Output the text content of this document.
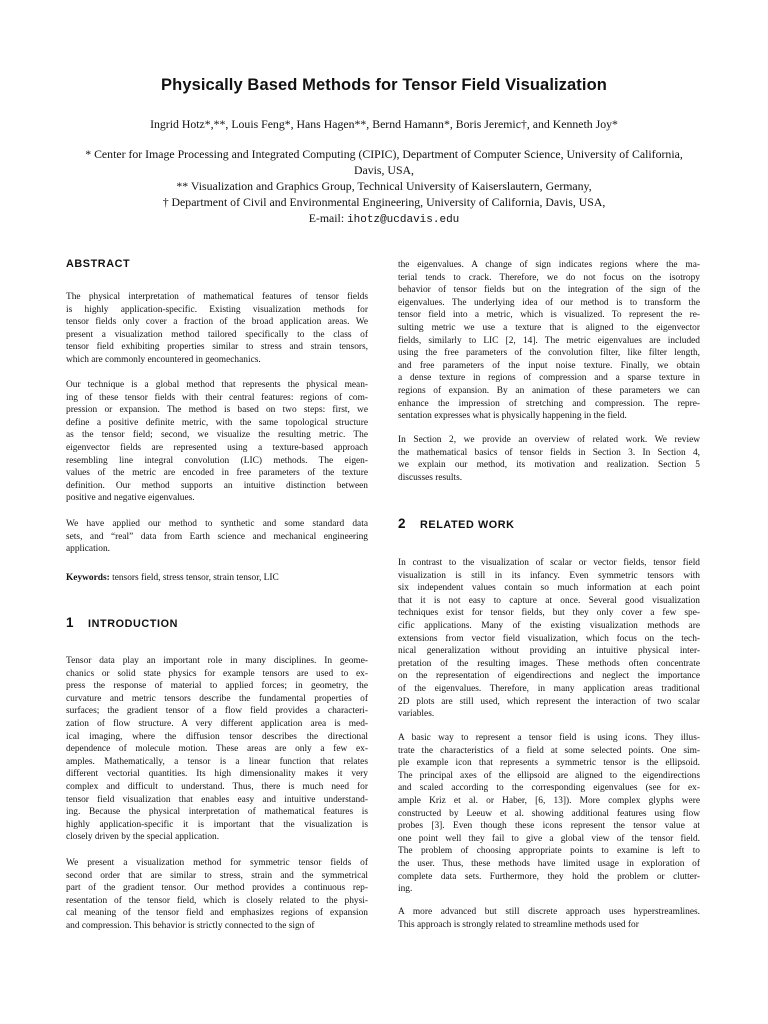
Physically Based Methods for Tensor Field Visualization
Ingrid Hotz*,**, Louis Feng*, Hans Hagen**, Bernd Hamann*, Boris Jeremic†, and Kenneth Joy*
* Center for Image Processing and Integrated Computing (CIPIC), Department of Computer Science, University of California,
Davis, USA,
** Visualization and Graphics Group, Technical University of Kaiserslautern, Germany,
† Department of Civil and Environmental Engineering, University of California, Davis, USA,
E-mail: ihotz@ucdavis.edu
ABSTRACT
The physical interpretation of mathematical features of tensor fields
is highly application-specific. Existing visualization methods for
tensor fields only cover a fraction of the broad application areas. We
present a visualization method tailored specifically to the class of
tensor field exhibiting properties similar to stress and strain tensors,
which are commonly encountered in geomechanics.
Our technique is a global method that represents the physical mean-
ing of these tensor fields with their central features: regions of com-
pression or expansion. The method is based on two steps: first, we
define a positive definite metric, with the same topological structure
as the tensor field; second, we visualize the resulting metric. The
eigenvector fields are represented using a texture-based approach
resembling line integral convolution (LIC) methods. The eigen-
values of the metric are encoded in free parameters of the texture
definition. Our method supports an intuitive distinction between
positive and negative eigenvalues.
We have applied our method to synthetic and some standard data
sets, and “real” data from Earth science and mechanical engineering
application.
Keywords: tensors field, stress tensor, strain tensor, LIC
1 INTRODUCTION
Tensor data play an important role in many disciplines. In geome-
chanics or solid state physics for example tensors are used to ex-
press the response of material to applied forces; in geometry, the
curvature and metric tensors describe the fundamental properties of
surfaces; the gradient tensor of a flow field provides a characteri-
zation of flow structure. A very different application area is med-
ical imaging, where the diffusion tensor describes the directional
dependence of molecule motion. These areas are only a few ex-
amples. Mathematically, a tensor is a linear function that relates
different vectorial quantities. Its high dimensionality makes it very
complex and difficult to understand. Thus, there is much need for
tensor field visualization that enables easy and intuitive understand-
ing. Because the physical interpretation of mathematical features is
highly application-specific it is important that the visualization is
closely driven by the special application.
We present a visualization method for symmetric tensor fields of
second order that are similar to stress, strain and the symmetrical
part of the gradient tensor. Our method provides a continuous rep-
resentation of the tensor field, which is closely related to the physi-
cal meaning of the tensor field and emphasizes regions of expansion
and compression. This behavior is strictly connected to the sign of
the eigenvalues. A change of sign indicates regions where the ma-
terial tends to crack. Therefore, we do not focus on the isotropy
behavior of tensor fields but on the integration of the sign of the
eigenvalues. The underlying idea of our method is to transform the
tensor field into a metric, which is visualized. To represent the re-
sulting metric we use a texture that is aligned to the eigenvector
fields, similarly to LIC [2, 14]. The metric eigenvalues are included
using the free parameters of the convolution filter, like filter length,
and free parameters of the input noise texture. Finally, we obtain
a dense texture in regions of compression and a sparse texture in
regions of expansion. By an animation of these parameters we can
enhance the impression of stretching and compression. The repre-
sentation expresses what is physically happening in the field.
In Section 2, we provide an overview of related work. We review
the mathematical basics of tensor fields in Section 3. In Section 4,
we explain our method, its motivation and realization. Section 5
discusses results.
2 RELATED WORK
In contrast to the visualization of scalar or vector fields, tensor field
visualization is still in its infancy. Even symmetric tensors with
six independent values contain so much information at each point
that it is not easy to capture at once. Several good visualization
techniques exist for tensor fields, but they only cover a few spe-
cific applications. Many of the existing visualization methods are
extensions from vector field visualization, which focus on the tech-
nical generalization without providing an intuitive physical inter-
pretation of the resulting images. These methods often concentrate
on the representation of eigendirections and neglect the importance
of the eigenvalues. Therefore, in many application areas traditional
2D plots are still used, which represent the interaction of two scalar
variables.
A basic way to represent a tensor field is using icons. They illus-
trate the characteristics of a field at some selected points. One sim-
ple example icon that represents a symmetric tensor is the ellipsoid.
The principal axes of the ellipsoid are aligned to the eigendirections
and scaled according to the corresponding eigenvalues (see for ex-
ample Kriz et al. or Haber, [6, 13]). More complex glyphs were
constructed by Leeuw et al. showing additional features using flow
probes [3]. Even though these icons represent the tensor value at
one point well they fail to give a global view of the tensor field.
The problem of choosing appropriate points to examine is left to
the user. Thus, these methods have limited usage in exploration of
complete data sets. Furthermore, they hold the problem or clutter-
ing.
A more advanced but still discrete approach uses hyperstreamlines.
This approach is strongly related to streamline methods used for
